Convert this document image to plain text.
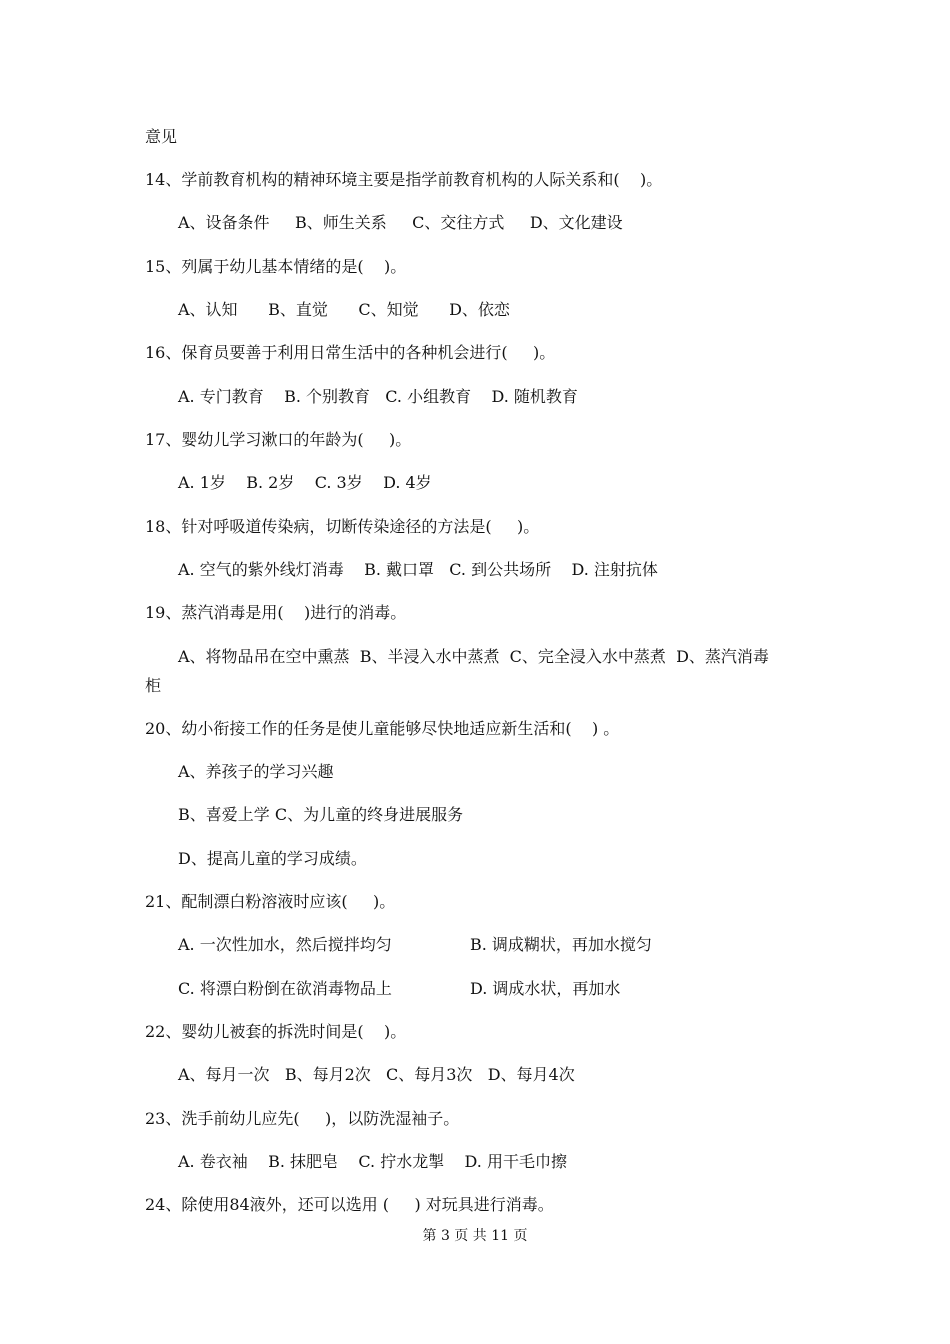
意见
14、学前教育机构的精神环境主要是指学前教育机构的人际关系和(    )。
A、设备条件     B、师生关系     C、交往方式     D、文化建设
15、列属于幼儿基本情绪的是(    )。
A、认知      B、直觉      C、知觉      D、依恋
16、保育员要善于利用日常生活中的各种机会进行(     )。
A. 专门教育    B. 个别教育   C. 小组教育    D. 随机教育
17、婴幼儿学习漱口的年龄为(     )。
A. 1岁    B. 2岁    C. 3岁    D. 4岁
18、针对呼吸道传染病，切断传染途径的方法是(     )。
A. 空气的紫外线灯消毒    B. 戴口罩   C. 到公共场所    D. 注射抗体
19、蒸汽消毒是用(    )进行的消毒。
A、将物品吊在空中熏蒸  B、半浸入水中蒸煮  C、完全浸入水中蒸煮  D、蒸汽消毒
柜
20、幼小衔接工作的任务是使儿童能够尽快地适应新生活和(    ) 。
A、养孩子的学习兴趣
B、喜爱上学 C、为儿童的终身进展服务
D、提高儿童的学习成绩。
21、配制漂白粉溶液时应该(     )。
A. 一次性加水，然后搅拌均匀	B. 调成糊状，再加水搅匀
C. 将漂白粉倒在欲消毒物品上	D. 调成水状，再加水
22、婴幼儿被套的拆洗时间是(    )。
A、每月一次   B、每月2次   C、每月3次   D、每月4次
23、洗手前幼儿应先(     )，以防洗湿袖子。
A. 卷衣袖    B. 抹肥皂    C. 拧水龙掣    D. 用干毛巾擦
24、除使用84液外，还可以选用 (     ) 对玩具进行消毒。
第 3 页 共 11 页
